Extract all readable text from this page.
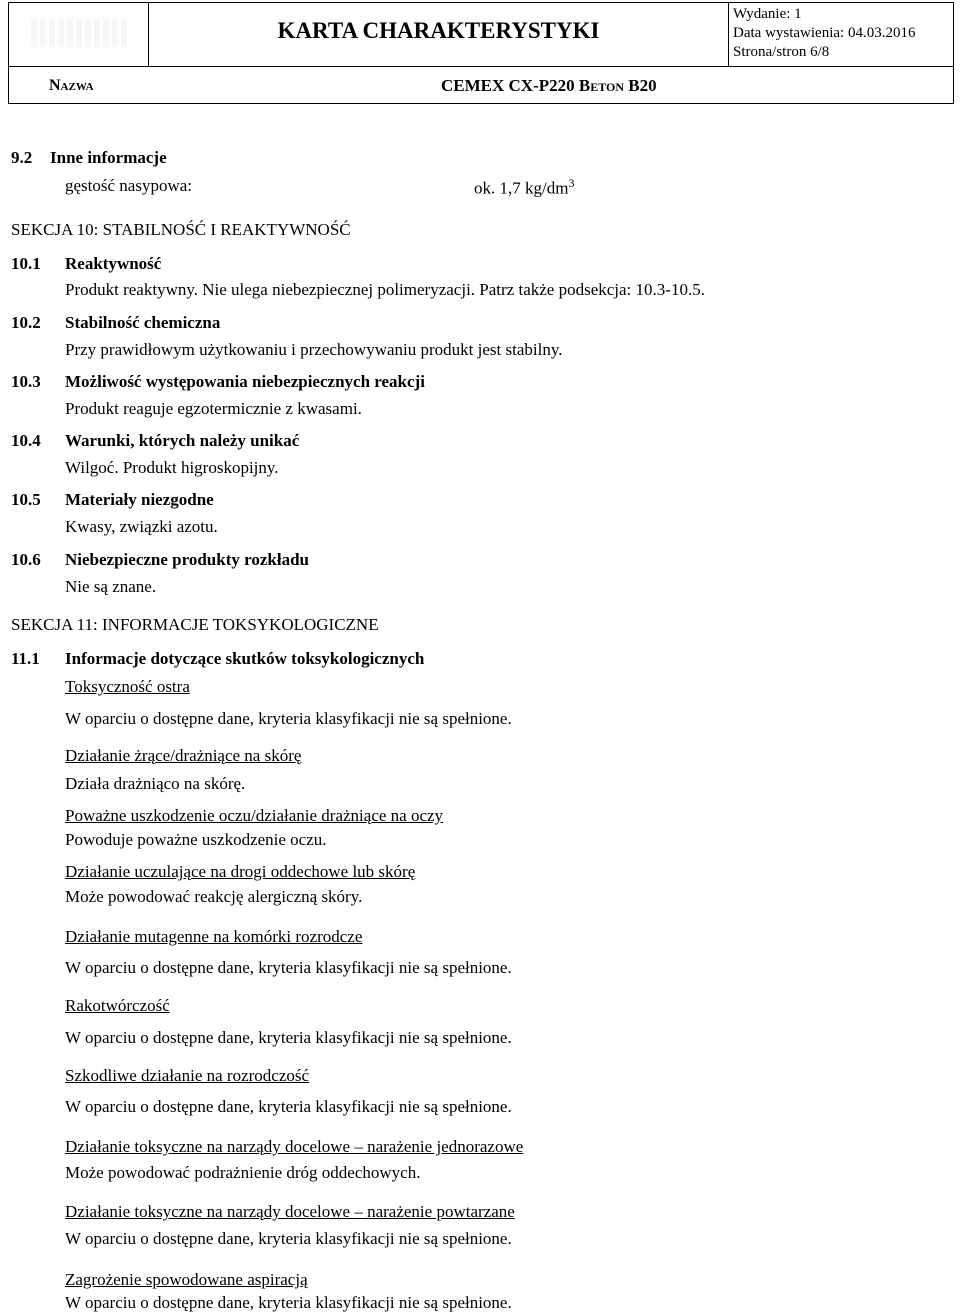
KARTA CHARAKTERYSTYKI
Wydanie: 1
Data wystawienia: 04.03.2016
Strona/stron 6/8
Nazwa	CEMEX CX-P220 Beton B20
9.2 Inne informacje
gęstość nasypowa:	ok. 1,7 $kg/dm^3$
SEKCJA 10: STABILNOŚĆ I REAKTYWNOŚĆ
10.1 Reaktywność
Produkt reaktywny. Nie ulega niebezpiecznej polimeryzacji. Patrz także podsekcja: 10.3-10.5.
10.2 Stabilność chemiczna
Przy prawidłowym użytkowaniu i przechowywaniu produkt jest stabilny.
10.3 Możliwość występowania niebezpiecznych reakcji
Produkt reaguje egzotermicznie z kwasami.
10.4 Warunki, których należy unikać
Wilgoć. Produkt higroskopijny.
10.5 Materiały niezgodne
Kwasy, związki azotu.
10.6 Niebezpieczne produkty rozkładu
Nie są znane.
SEKCJA 11: INFORMACJE TOKSYKOLOGICZNE
11.1 Informacje dotyczące skutków toksykologicznych
Toksyczność ostra
W oparciu o dostępne dane, kryteria klasyfikacji nie są spełnione.
Działanie żrące/drażniące na skórę
Działa drażniąco na skórę.
Poważne uszkodzenie oczu/działanie drażniące na oczy
Powoduje poważne uszkodzenie oczu.
Działanie uczulające na drogi oddechowe lub skórę
Może powodować reakcję alergiczną skóry.
Działanie mutagenne na komórki rozrodcze
W oparciu o dostępne dane, kryteria klasyfikacji nie są spełnione.
Rakotwórczość
W oparciu o dostępne dane, kryteria klasyfikacji nie są spełnione.
Szkodliwe działanie na rozrodczość
W oparciu o dostępne dane, kryteria klasyfikacji nie są spełnione.
Działanie toksyczne na narządy docelowe – narażenie jednorazowe
Może powodować podrażnienie dróg oddechowych.
Działanie toksyczne na narządy docelowe – narażenie powtarzane
W oparciu o dostępne dane, kryteria klasyfikacji nie są spełnione.
Zagrożenie spowodowane aspiracją
W oparciu o dostępne dane, kryteria klasyfikacji nie są spełnione.
